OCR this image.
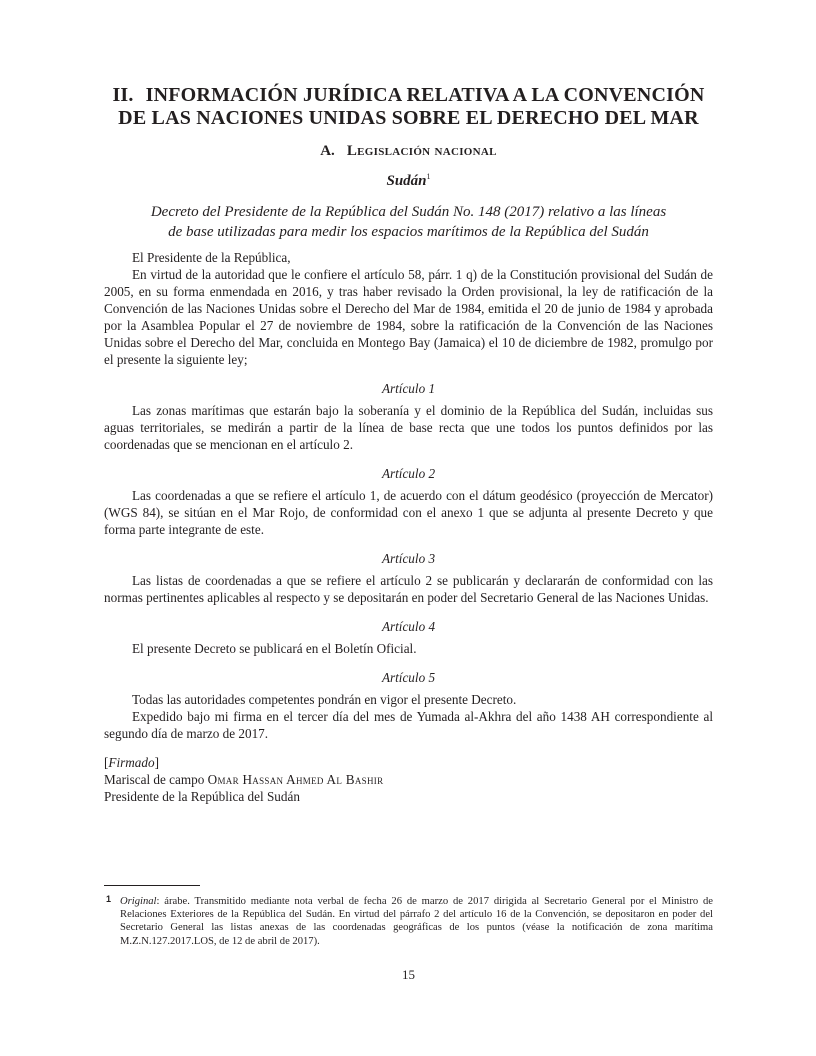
II. INFORMACIÓN JURÍDICA RELATIVA A LA CONVENCIÓN
DE LAS NACIONES UNIDAS SOBRE EL DERECHO DEL MAR
A. Legislación nacional
Sudán$^1$
Decreto del Presidente de la República del Sudán No. 148 (2017) relativo a las líneas
de base utilizadas para medir los espacios marítimos de la República del Sudán

El Presidente de la República,

En virtud de la autoridad que le confiere el artículo 58, párr. 1 q) de la Constitución provisional del Sudán de 2005, en su forma enmendada en 2016, y tras haber revisado la Orden provisional, la ley de ratificación de la Convención de las Naciones Unidas sobre el Derecho del Mar de 1984, emitida el 20 de junio de 1984 y aprobada por la Asamblea Popular el 27 de noviembre de 1984, sobre la ratificación de la Convención de las Naciones Unidas sobre el Derecho del Mar, concluida en Montego Bay (Jamaica) el 10 de diciembre de 1982, promulgo por el presente la siguiente ley;

Artículo 1

Las zonas marítimas que estarán bajo la soberanía y el dominio de la República del Sudán, incluidas sus aguas territoriales, se medirán a partir de la línea de base recta que une todos los puntos definidos por las coordenadas que se mencionan en el artículo 2.

Artículo 2

Las coordenadas a que se refiere el artículo 1, de acuerdo con el dátum geodésico (proyección de Mercator) (WGS 84), se sitúan en el Mar Rojo, de conformidad con el anexo 1 que se adjunta al presente Decreto y que forma parte integrante de este.

Artículo 3

Las listas de coordenadas a que se refiere el artículo 2 se publicarán y declararán de conformidad con las normas pertinentes aplicables al respecto y se depositarán en poder del Secretario General de las Naciones Unidas.

Artículo 4

El presente Decreto se publicará en el Boletín Oficial.

Artículo 5

Todas las autoridades competentes pondrán en vigor el presente Decreto.

Expedido bajo mi firma en el tercer día del mes de Yumada al-Akhra del año 1438 AH correspondiente al segundo día de marzo de 2017.

[Firmado]

Mariscal de campo Omar Hassan Ahmed Al Bashir

Presidente de la República del Sudán

1 Original: árabe. Transmitido mediante nota verbal de fecha 26 de marzo de 2017 dirigida al Secretario General por el Ministro de Relaciones Exteriores de la República del Sudán. En virtud del párrafo 2 del artículo 16 de la Convención, se depositaron en poder del Secretario General las listas anexas de las coordenadas geográficas de los puntos (véase la notificación de zona marítima M.Z.N.127.2017.LOS, de 12 de abril de 2017).
15
